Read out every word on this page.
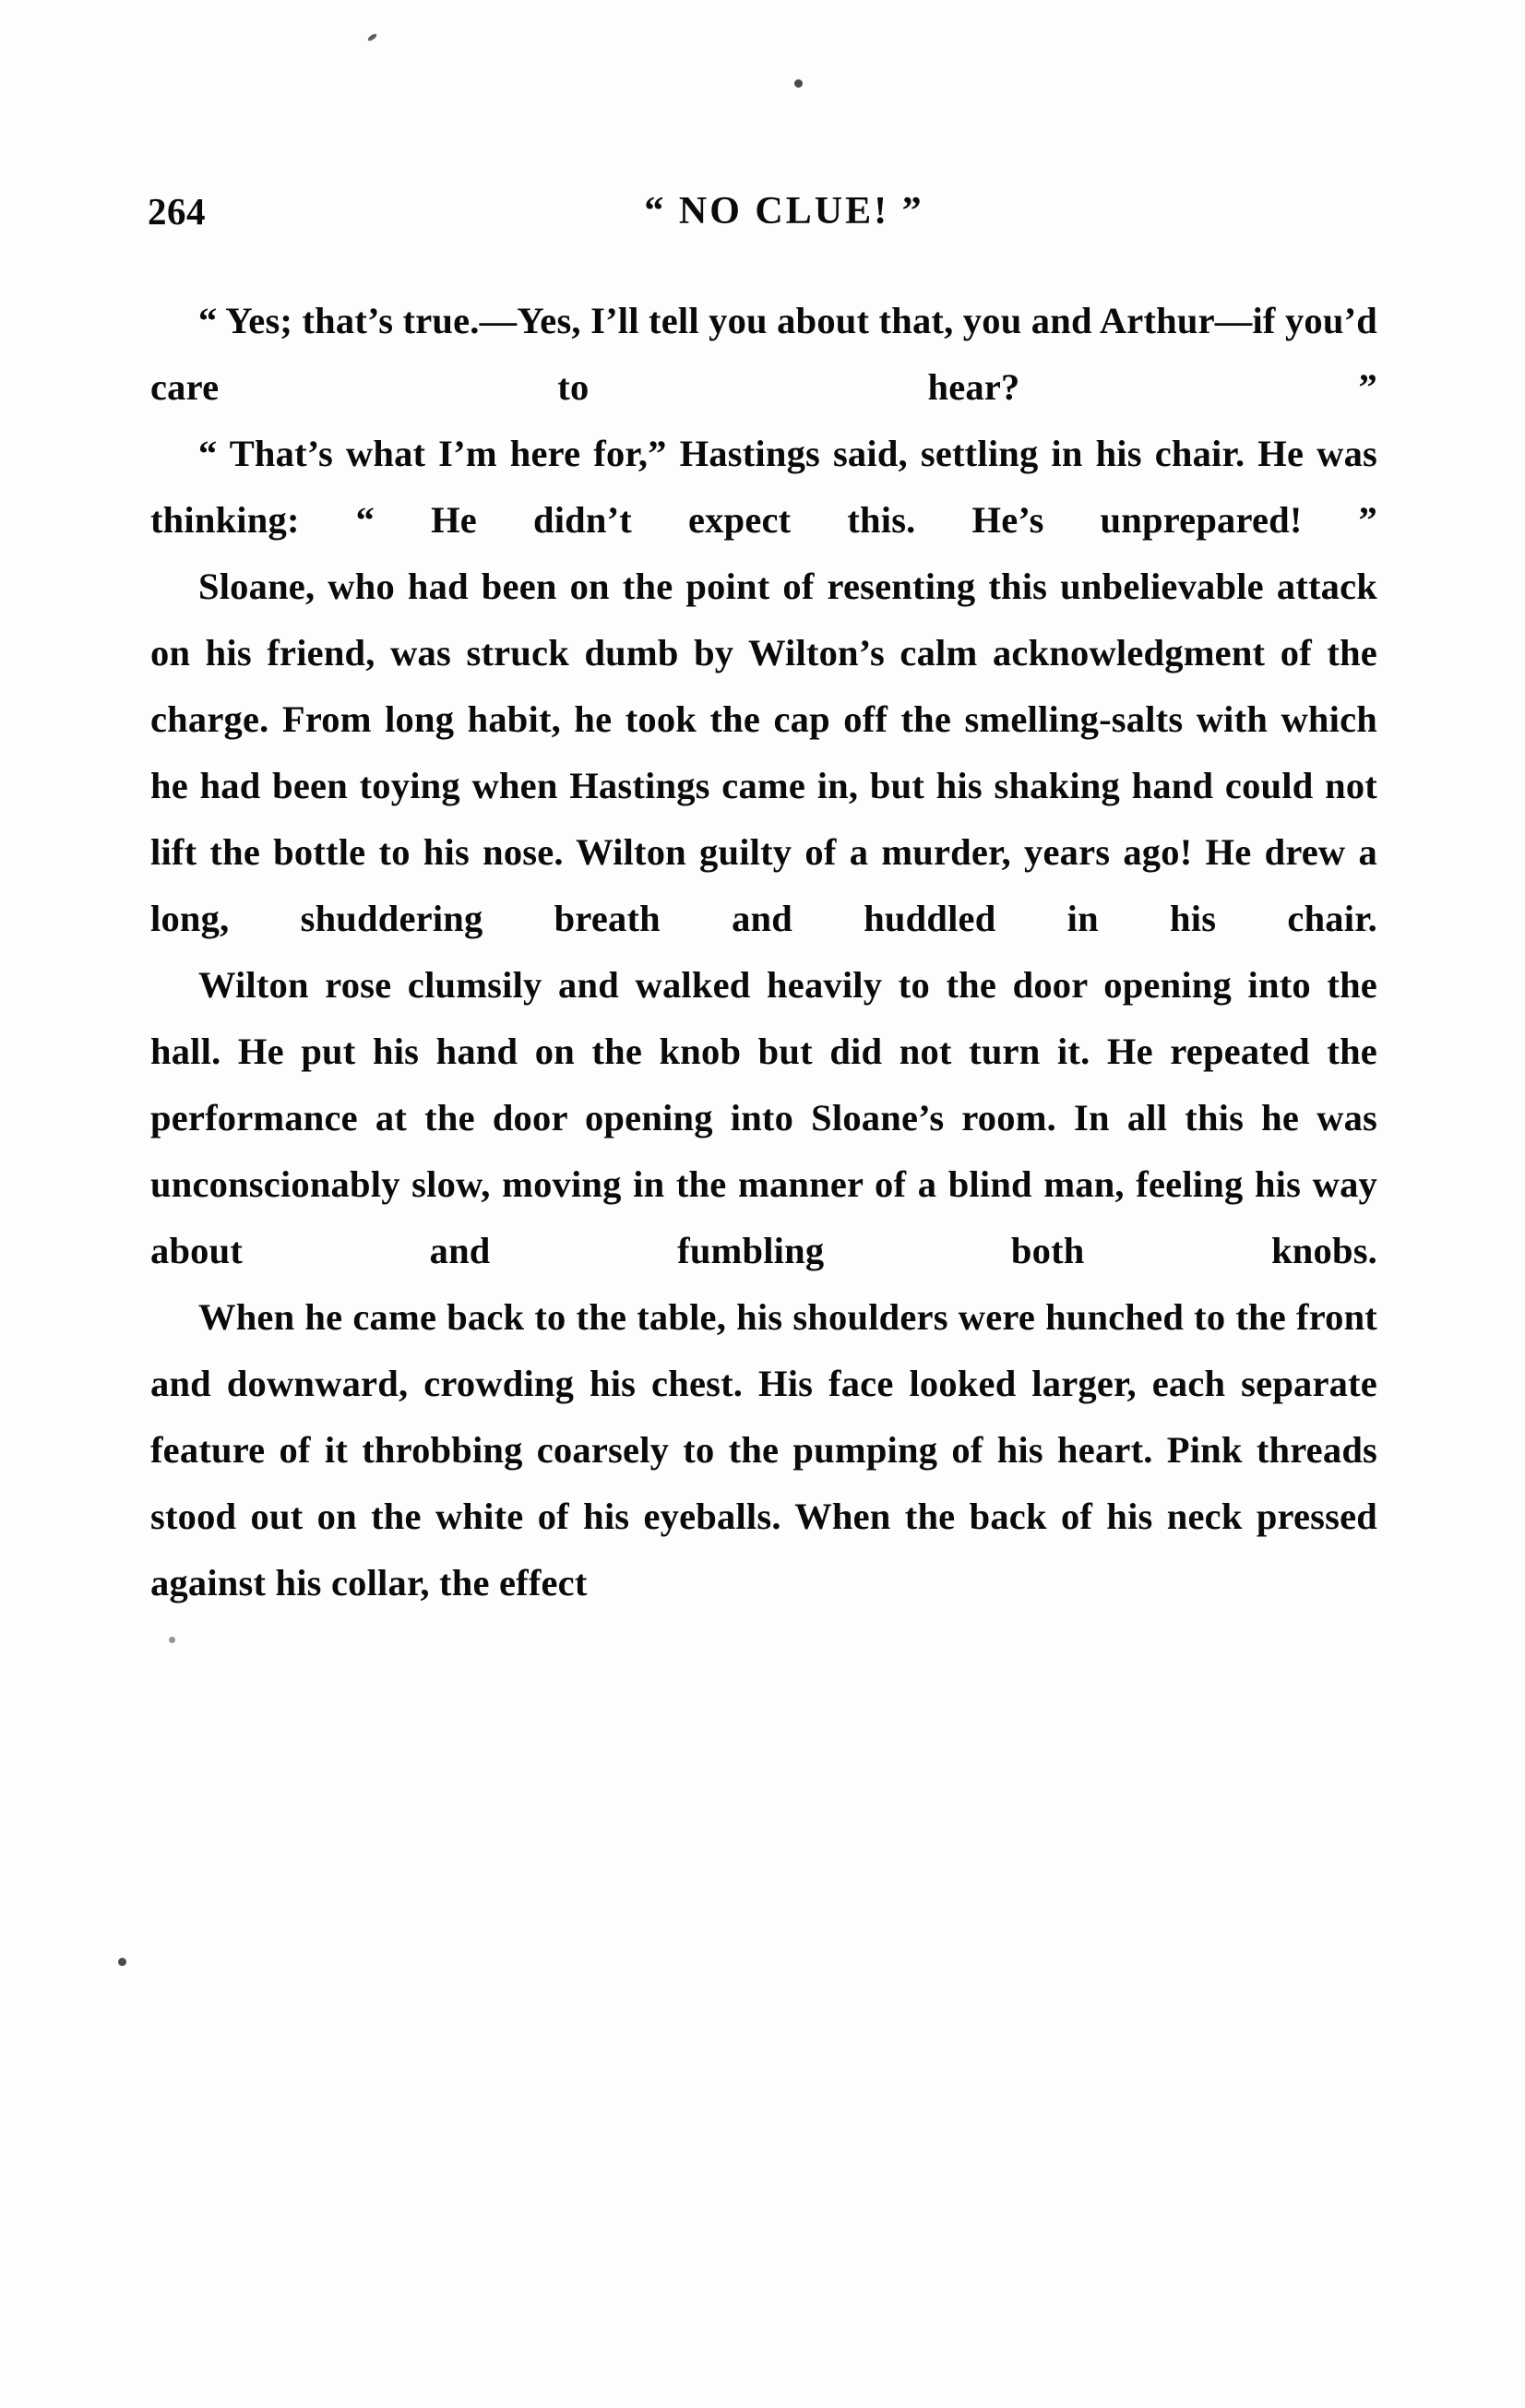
264	“ NO CLUE! ”

“ Yes; that’s true.—Yes, I’ll tell you about that, you and Arthur—if you’d care to hear? ”

“ That’s what I’m here for,” Hastings said, settling in his chair. He was thinking: “ He didn’t expect this. He’s unprepared! ”

Sloane, who had been on the point of resenting this unbelievable attack on his friend, was struck dumb by Wilton’s calm acknowledgment of the charge. From long habit, he took the cap off the smelling-salts with which he had been toying when Hastings came in, but his shaking hand could not lift the bottle to his nose. Wilton guilty of a murder, years ago! He drew a long, shuddering breath and huddled in his chair.

Wilton rose clumsily and walked heavily to the door opening into the hall. He put his hand on the knob but did not turn it. He repeated the performance at the door opening into Sloane’s room. In all this he was unconscionably slow, moving in the manner of a blind man, feeling his way about and fumbling both knobs.

When he came back to the table, his shoulders were hunched to the front and downward, crowding his chest. His face looked larger, each separate feature of it throbbing coarsely to the pumping of his heart. Pink threads stood out on the white of his eyeballs. When the back of his neck pressed against his collar, the effect
